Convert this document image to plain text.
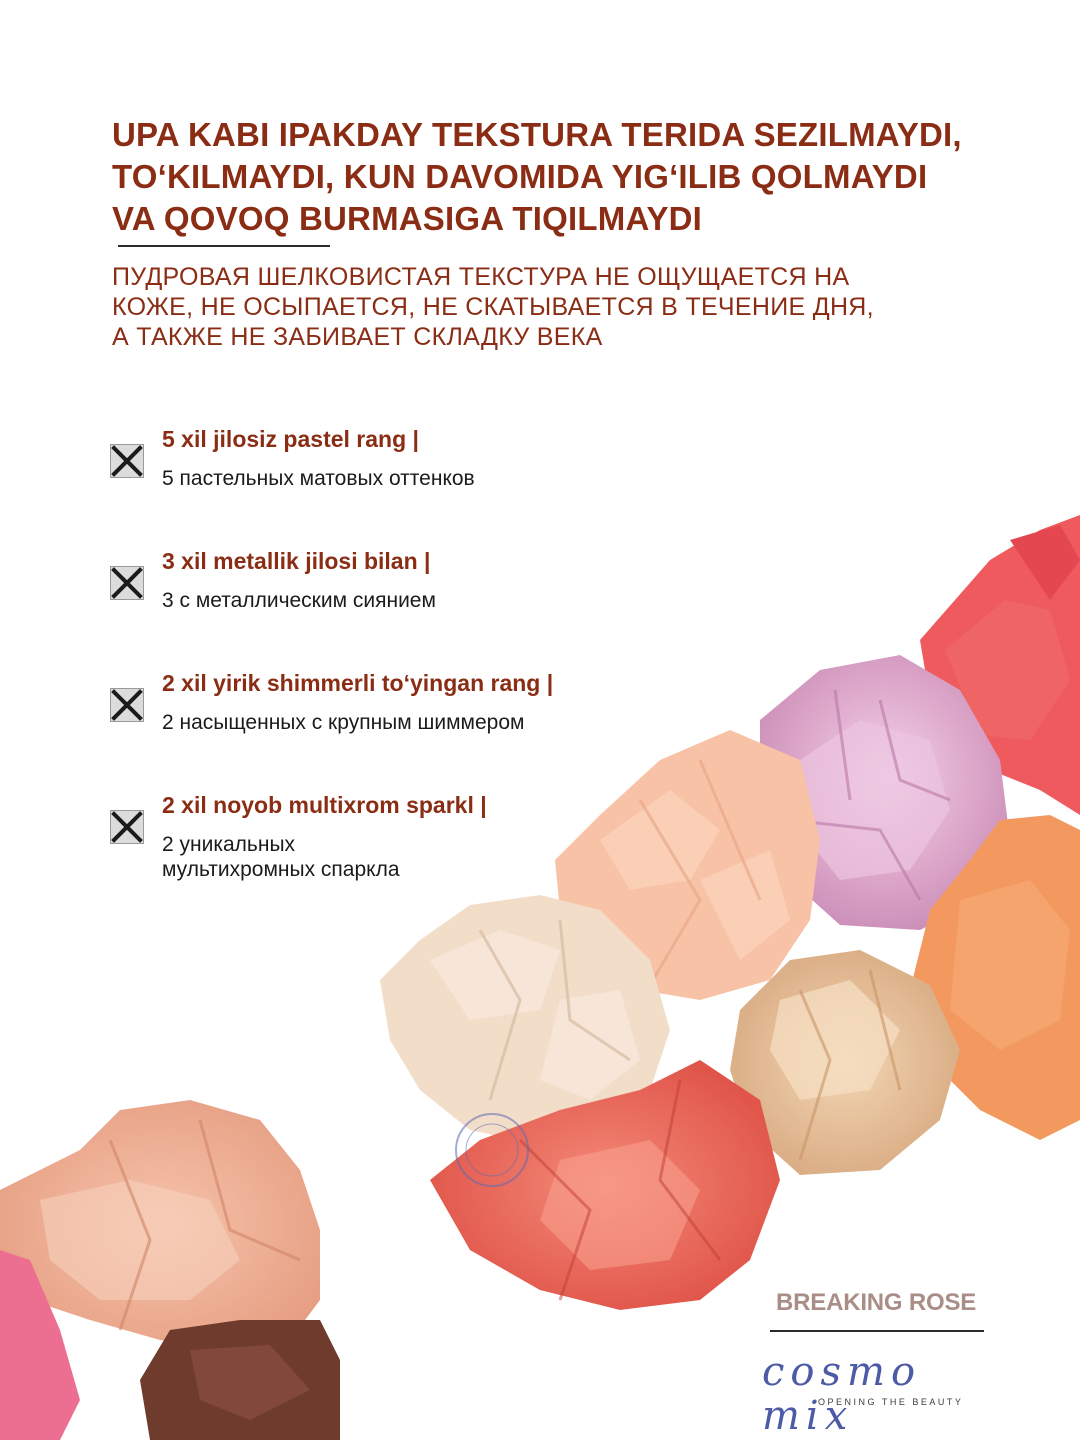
UPA KABI IPAKDAY TEKSTURA TERIDA SEZILMAYDI,
TO‘KILMAYDI, KUN DAVOMIDA YIG‘ILIB QOLMAYDI
VA QOVOQ BURMASIGA TIQILMAYDI
ПУДРОВАЯ ШЕЛКОВИСТАЯ ТЕКСТУРА НЕ ОЩУЩАЕТСЯ НА
КОЖЕ, НЕ ОСЫПАЕТСЯ, НЕ СКАТЫВАЕТСЯ В ТЕЧЕНИЕ ДНЯ,
А ТАКЖЕ НЕ ЗАБИВАЕТ СКЛАДКУ ВЕКА
5 xil jilosiz pastel rang |
5 пастельных матовых оттенков
3 xil metallik jilosi bilan |
3 с металлическим сиянием
2 xil yirik shimmerli to‘yingan rang |
2 насыщенных с крупным шиммером
2 xil noyob multixrom sparkl |
2 уникальных
мультихромных спаркла
BREAKING ROSE
cosmo mix
OPENING THE BEAUTY
